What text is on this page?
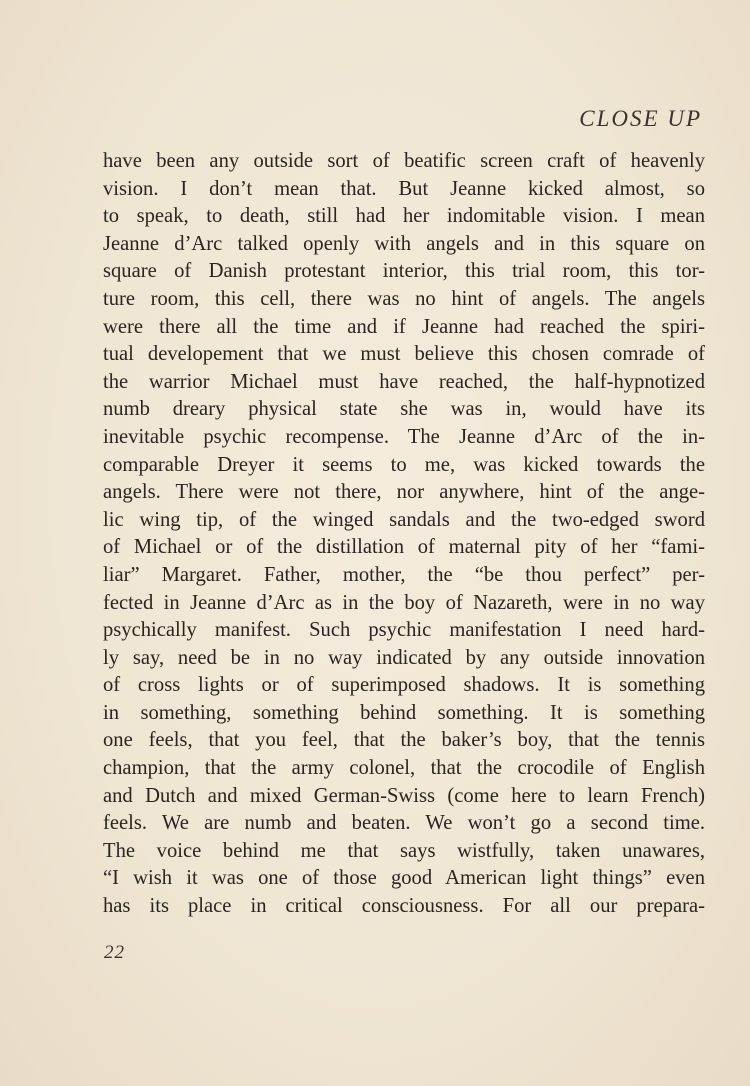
CLOSE UP
have been any outside sort of beatific screen craft of heavenly
vision. I don’t mean that. But Jeanne kicked almost, so
to speak, to death, still had her indomitable vision. I mean
Jeanne d’Arc talked openly with angels and in this square on
square of Danish protestant interior, this trial room, this tor-
ture room, this cell, there was no hint of angels. The angels
were there all the time and if Jeanne had reached the spiri-
tual developement that we must believe this chosen comrade of
the warrior Michael must have reached, the half-hypnotized
numb dreary physical state she was in, would have its
inevitable psychic recompense. The Jeanne d’Arc of the in-
comparable Dreyer it seems to me, was kicked towards the
angels. There were not there, nor anywhere, hint of the ange-
lic wing tip, of the winged sandals and the two-edged sword
of Michael or of the distillation of maternal pity of her “fami-
liar” Margaret. Father, mother, the “be thou perfect” per-
fected in Jeanne d’Arc as in the boy of Nazareth, were in no way
psychically manifest. Such psychic manifestation I need hard-
ly say, need be in no way indicated by any outside innovation
of cross lights or of superimposed shadows. It is something
in something, something behind something. It is something
one feels, that you feel, that the baker’s boy, that the tennis
champion, that the army colonel, that the crocodile of English
and Dutch and mixed German-Swiss (come here to learn French)
feels. We are numb and beaten. We won’t go a second time.
The voice behind me that says wistfully, taken unawares,
“I wish it was one of those good American light things” even
has its place in critical consciousness. For all our prepara-
22
